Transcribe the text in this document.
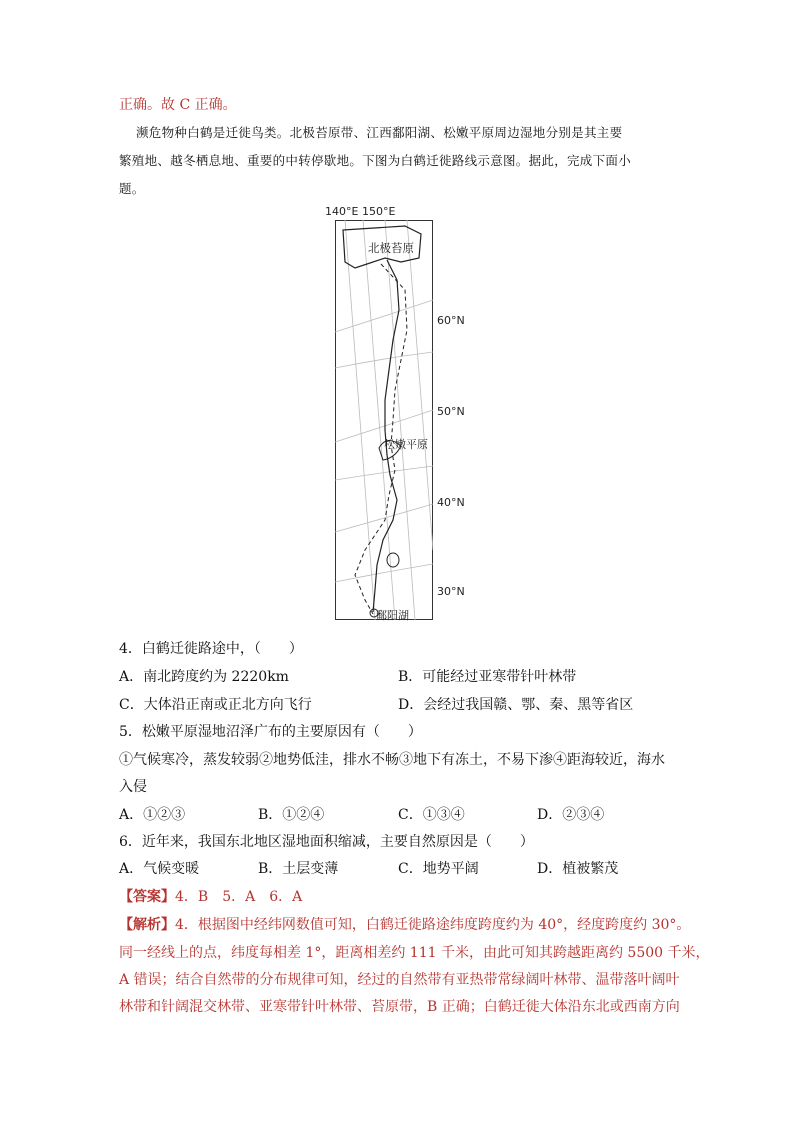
正确。故 C 正确。
濒危物种白鹤是迁徙鸟类。北极苔原带、江西鄱阳湖、松嫩平原周边湿地分别是其主要
繁殖地、越冬栖息地、重要的中转停歇地。下图为白鹤迁徙路线示意图。据此，完成下面小
题。
140°E 150°E
北极苔原
松嫩平原
鄱阳湖
60°N
50°N
40°N
30°N
4．白鹤迁徙路途中，（　　）
A．南北跨度约为 2220km	B．可能经过亚寒带针叶林带
C．大体沿正南或正北方向飞行	D．会经过我国赣、鄂、秦、黑等省区
5．松嫩平原湿地沼泽广布的主要原因有（　　）
①气候寒冷，蒸发较弱②地势低洼，排水不畅③地下有冻土，不易下渗④距海较近，海水
入侵
A．①②③	B．①②④	C．①③④	D．②③④
6．近年来，我国东北地区湿地面积缩减，主要自然原因是（　　）
A．气候变暖	B．土层变薄	C．地势平阔	D．植被繁茂
【答案】4．B　5．A　6．A
【解析】4．根据图中经纬网数值可知，白鹤迁徙路途纬度跨度约为 40°，经度跨度约 30°。
同一经线上的点，纬度每相差 1°，距离相差约 111 千米，由此可知其跨越距离约 5500 千米，
A 错误；结合自然带的分布规律可知，经过的自然带有亚热带常绿阔叶林带、温带落叶阔叶
林带和针阔混交林带、亚寒带针叶林带、苔原带，B 正确；白鹤迁徙大体沿东北或西南方向
